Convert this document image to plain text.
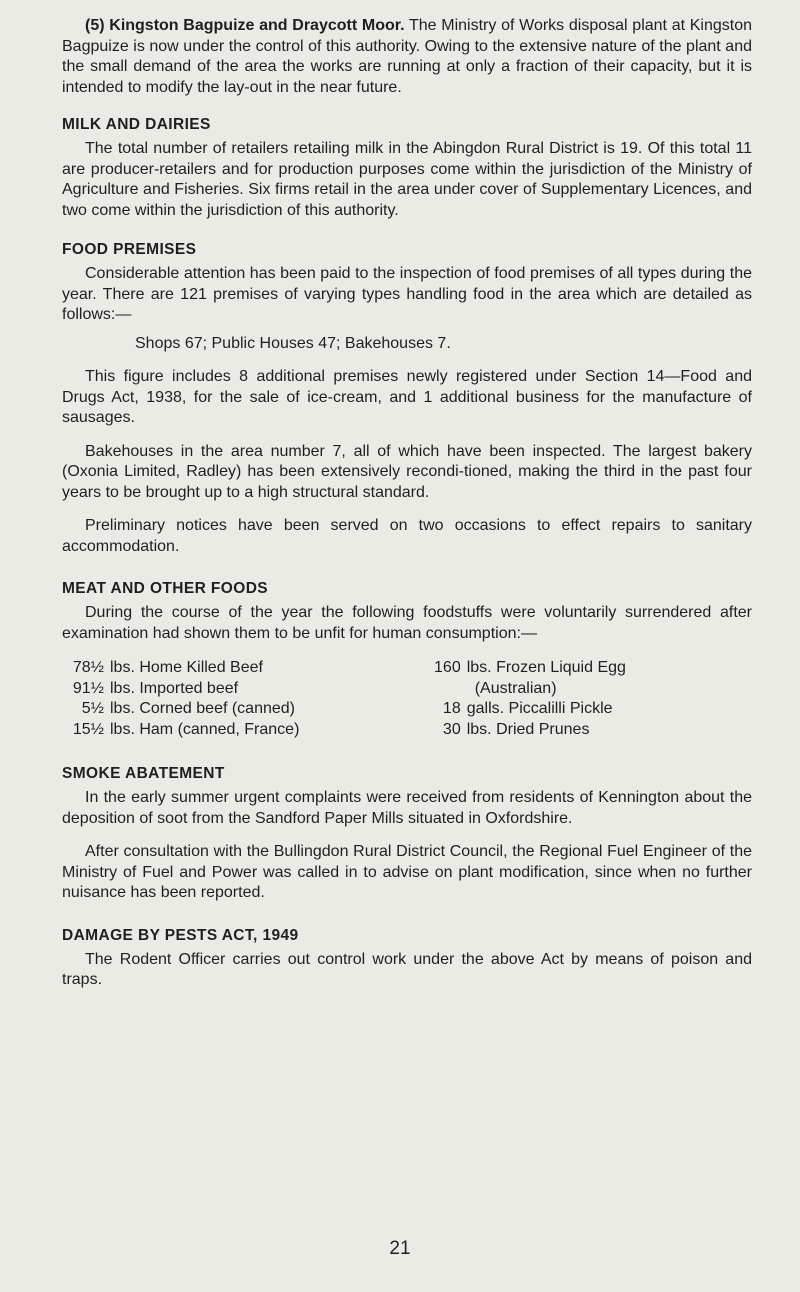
(5) Kingston Bagpuize and Draycott Moor. The Ministry of Works disposal plant at Kingston Bagpuize is now under the control of this authority. Owing to the extensive nature of the plant and the small demand of the area the works are running at only a fraction of their capacity, but it is intended to modify the lay-out in the near future.

MILK AND DAIRIES

The total number of retailers retailing milk in the Abingdon Rural District is 19. Of this total 11 are producer-retailers and for production purposes come within the jurisdiction of the Ministry of Agriculture and Fisheries. Six firms retail in the area under cover of Supplementary Licences, and two come within the jurisdiction of this authority.

FOOD PREMISES

Considerable attention has been paid to the inspection of food premises of all types during the year. There are 121 premises of varying types handling food in the area which are detailed as follows:—

Shops 67; Public Houses 47; Bakehouses 7.

This figure includes 8 additional premises newly registered under Section 14—Food and Drugs Act, 1938, for the sale of ice-cream, and 1 additional business for the manufacture of sausages.

Bakehouses in the area number 7, all of which have been inspected. The largest bakery (Oxonia Limited, Radley) has been extensively recondi-tioned, making the third in the past four years to be brought up to a high structural standard.

Preliminary notices have been served on two occasions to effect repairs to sanitary accommodation.

MEAT AND OTHER FOODS

During the course of the year the following foodstuffs were voluntarily surrendered after examination had shown them to be unfit for human consumption:—

78½ lbs. Home Killed Beef
91½ lbs. Imported beef
5½ lbs. Corned beef (canned)
15½ lbs. Ham (canned, France)
160 lbs. Frozen Liquid Egg
(Australian)
18 galls. Piccalilli Pickle
30 lbs. Dried Prunes
SMOKE ABATEMENT

In the early summer urgent complaints were received from residents of Kennington about the deposition of soot from the Sandford Paper Mills situated in Oxfordshire.

After consultation with the Bullingdon Rural District Council, the Regional Fuel Engineer of the Ministry of Fuel and Power was called in to advise on plant modification, since when no further nuisance has been reported.

DAMAGE BY PESTS ACT, 1949

The Rodent Officer carries out control work under the above Act by means of poison and traps.

21
